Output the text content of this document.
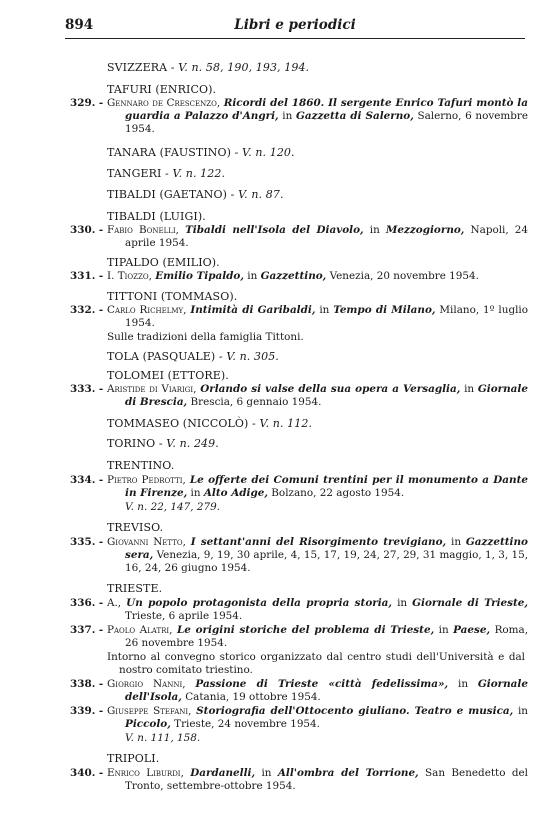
894	Libri e periodici
SVIZZERA - V. n. 58, 190, 193, 194.
TAFURI (ENRICO).
329. - Gennaro de Crescenzo, Ricordi del 1860. Il sergente Enrico Tafuri montò la guardia a Palazzo d'Angri, in Gazzetta di Salerno, Salerno, 6 novembre 1954.
TANARA (FAUSTINO) - V. n. 120.
TANGERI - V. n. 122.
TIBALDI (GAETANO) - V. n. 87.
TIBALDI (LUIGI).
330. - Fabio Bonelli, Tibaldi nell'Isola del Diavolo, in Mezzogiorno, Napoli, 24 aprile 1954.
TIPALDO (EMILIO).
331. - I. Tiozzo, Emilio Tipaldo, in Gazzettino, Venezia, 20 novembre 1954.
TITTONI (TOMMASO).
332. - Carlo Richelmy, Intimità di Garibaldi, in Tempo di Milano, Milano, 1º luglio 1954.
Sulle tradizioni della famiglia Tittoni.
TOLA (PASQUALE) - V. n. 305.
TOLOMEI (ETTORE).
333. - Aristide di Viarigi, Orlando si valse della sua opera a Versaglia, in Giornale di Brescia, Brescia, 6 gennaio 1954.
TOMMASEO (NICCOLÒ) - V. n. 112.
TORINO - V. n. 249.
TRENTINO.
334. - Pietro Pedrotti, Le offerte dei Comuni trentini per il monumento a Dante in Firenze, in Alto Adige, Bolzano, 22 agosto 1954.
V. n. 22, 147, 279.
TREVISO.
335. - Giovanni Netto, I settant'anni del Risorgimento trevigiano, in Gazzettino sera, Venezia, 9, 19, 30 aprile, 4, 15, 17, 19, 24, 27, 29, 31 maggio, 1, 3, 15, 16, 24, 26 giugno 1954.
TRIESTE.
336. - A., Un popolo protagonista della propria storia, in Giornale di Trieste, Trieste, 6 aprile 1954.
337. - Paolo Alatri, Le origini storiche del problema di Trieste, in Paese, Roma, 26 novembre 1954.
Intorno al convegno storico organizzato dal centro studi dell'Università e dal nostro comitato triestino.
338. - Giorgio Nanni, Passione di Trieste «città fedelissima», in Giornale dell'Isola, Catania, 19 ottobre 1954.
339. - Giuseppe Stefani, Storiografia dell'Ottocento giuliano. Teatro e musica, in Piccolo, Trieste, 24 novembre 1954.
V. n. 111, 158.
TRIPOLI.
340. - Enrico Liburdi, Dardanelli, in All'ombra del Torrione, San Benedetto del Tronto, settembre-ottobre 1954.
